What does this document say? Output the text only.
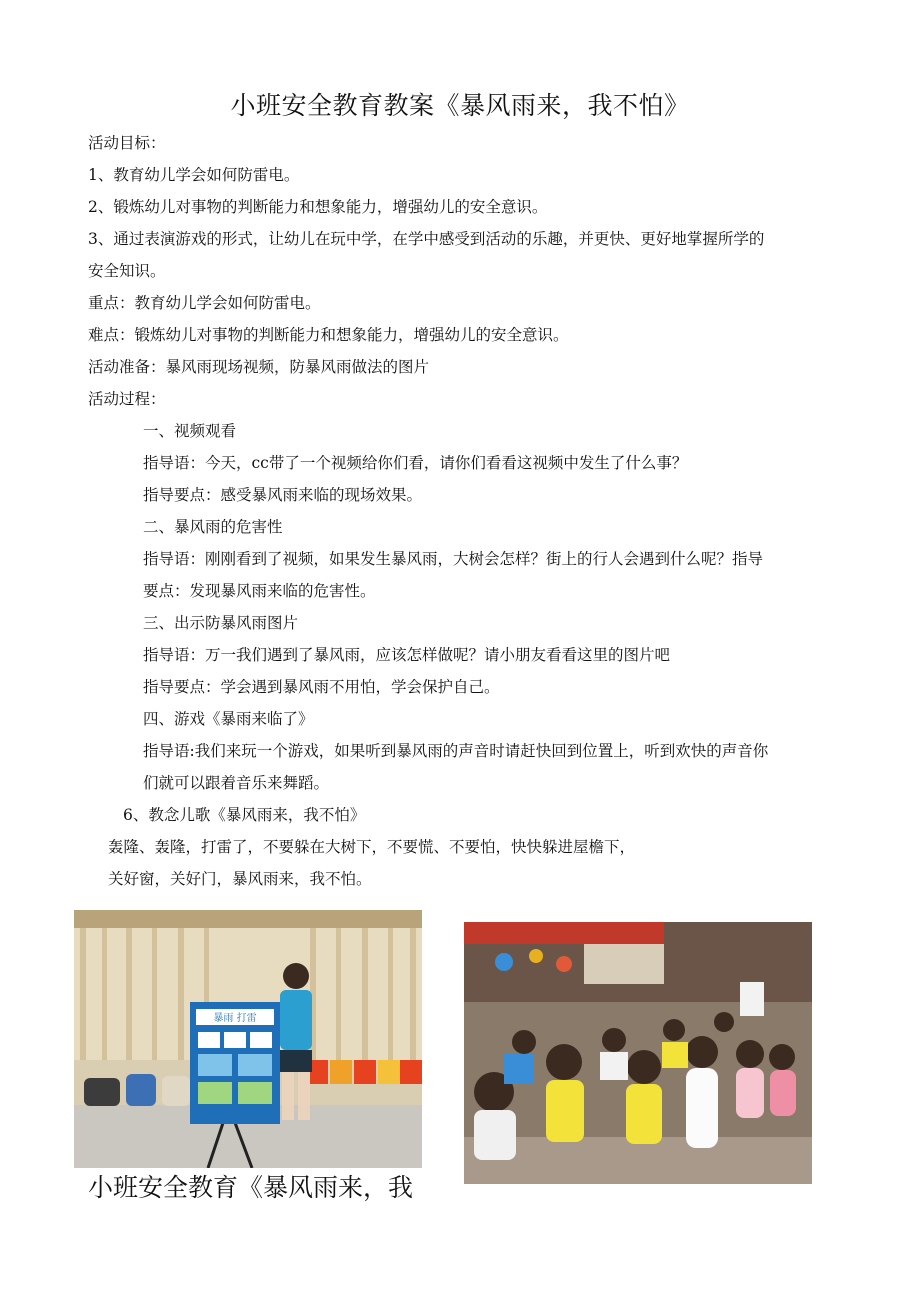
小班安全教育教案《暴风雨来，我不怕》
活动目标：
1、教育幼儿学会如何防雷电。
2、锻炼幼儿对事物的判断能力和想象能力，增强幼儿的安全意识。
3、通过表演游戏的形式，让幼儿在玩中学，在学中感受到活动的乐趣，并更快、更好地掌握所学的
安全知识。
重点：教育幼儿学会如何防雷电。
难点：锻炼幼儿对事物的判断能力和想象能力，增强幼儿的安全意识。
活动准备：暴风雨现场视频，防暴风雨做法的图片
活动过程：
一、视频观看
指导语：今天，cc带了一个视频给你们看，请你们看看这视频中发生了什么事？
指导要点：感受暴风雨来临的现场效果。
二、暴风雨的危害性
指导语：刚刚看到了视频，如果发生暴风雨，大树会怎样？街上的行人会遇到什么呢？指导
要点：发现暴风雨来临的危害性。
三、出示防暴风雨图片
指导语：万一我们遇到了暴风雨，应该怎样做呢？请小朋友看看这里的图片吧
指导要点：学会遇到暴风雨不用怕，学会保护自己。
四、游戏《暴雨来临了》
指导语:我们来玩一个游戏，如果听到暴风雨的声音时请赶快回到位置上，听到欢快的声音你
们就可以跟着音乐来舞蹈。
6、教念儿歌《暴风雨来，我不怕》
轰隆、轰隆，打雷了，不要躲在大树下，不要慌、不要怕，快快躲进屋檐下，
关好窗，关好门，暴风雨来，我不怕。
暴雨 打雷
小班安全教育《暴风雨来，我
